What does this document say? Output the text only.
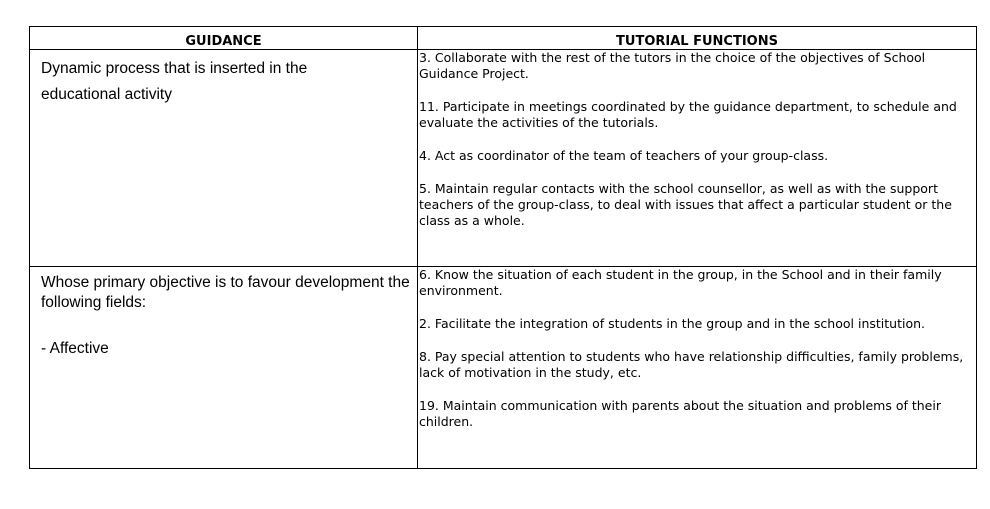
GUIDANCE	TUTORIAL FUNCTIONS

Dynamic process that is inserted in the
educational activity	3. Collaborate with the rest of the tutors in the choice of the objectives of School Guidance Project.
11. Participate in meetings coordinated by the guidance department, to schedule and evaluate the activities of the tutorials.
4. Act as coordinator of the team of teachers of your group-class.
5. Maintain regular contacts with the school counsellor, as well as with the support teachers of the group-class, to deal with issues that affect a particular student or the class as a whole.

Whose primary objective is to favour development the following fields:
- Affective	6. Know the situation of each student in the group, in the School and in their family environment.
2. Facilitate the integration of students in the group and in the school institution.
8. Pay special attention to students who have relationship difficulties, family problems, lack of motivation in the study, etc.
19. Maintain communication with parents about the situation and problems of their children.
